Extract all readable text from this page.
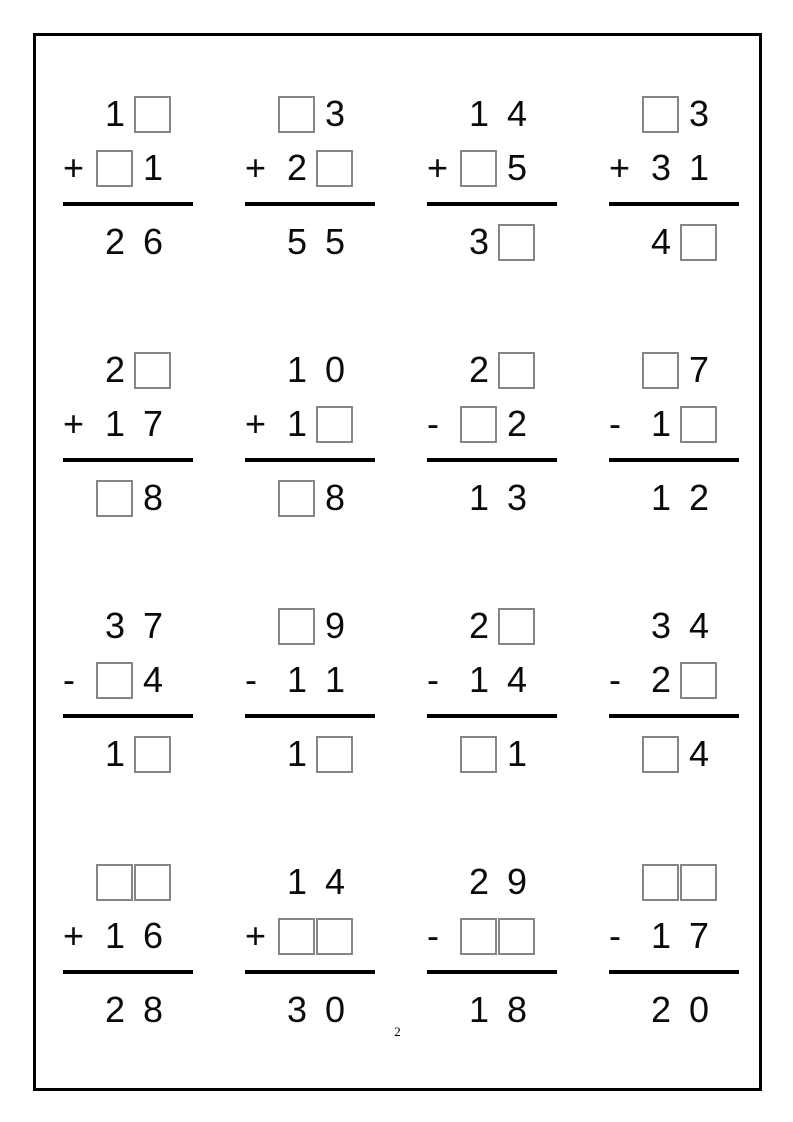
1
+	1
2 6
3
+ 2
5 5
1 4
+	5
3
3
+ 3 1
4
2
+ 1 7
8
1 0
+ 1
8
2
-	2
1 3
7
- 1
1 2
3 7
-	4
1
9
- 1 1
1
2
- 1 4
1
3 4
- 2
4
+ 1 6
2 8
1 4
+
3 0
2 9
-
1 8
- 1 7
2 0
2
